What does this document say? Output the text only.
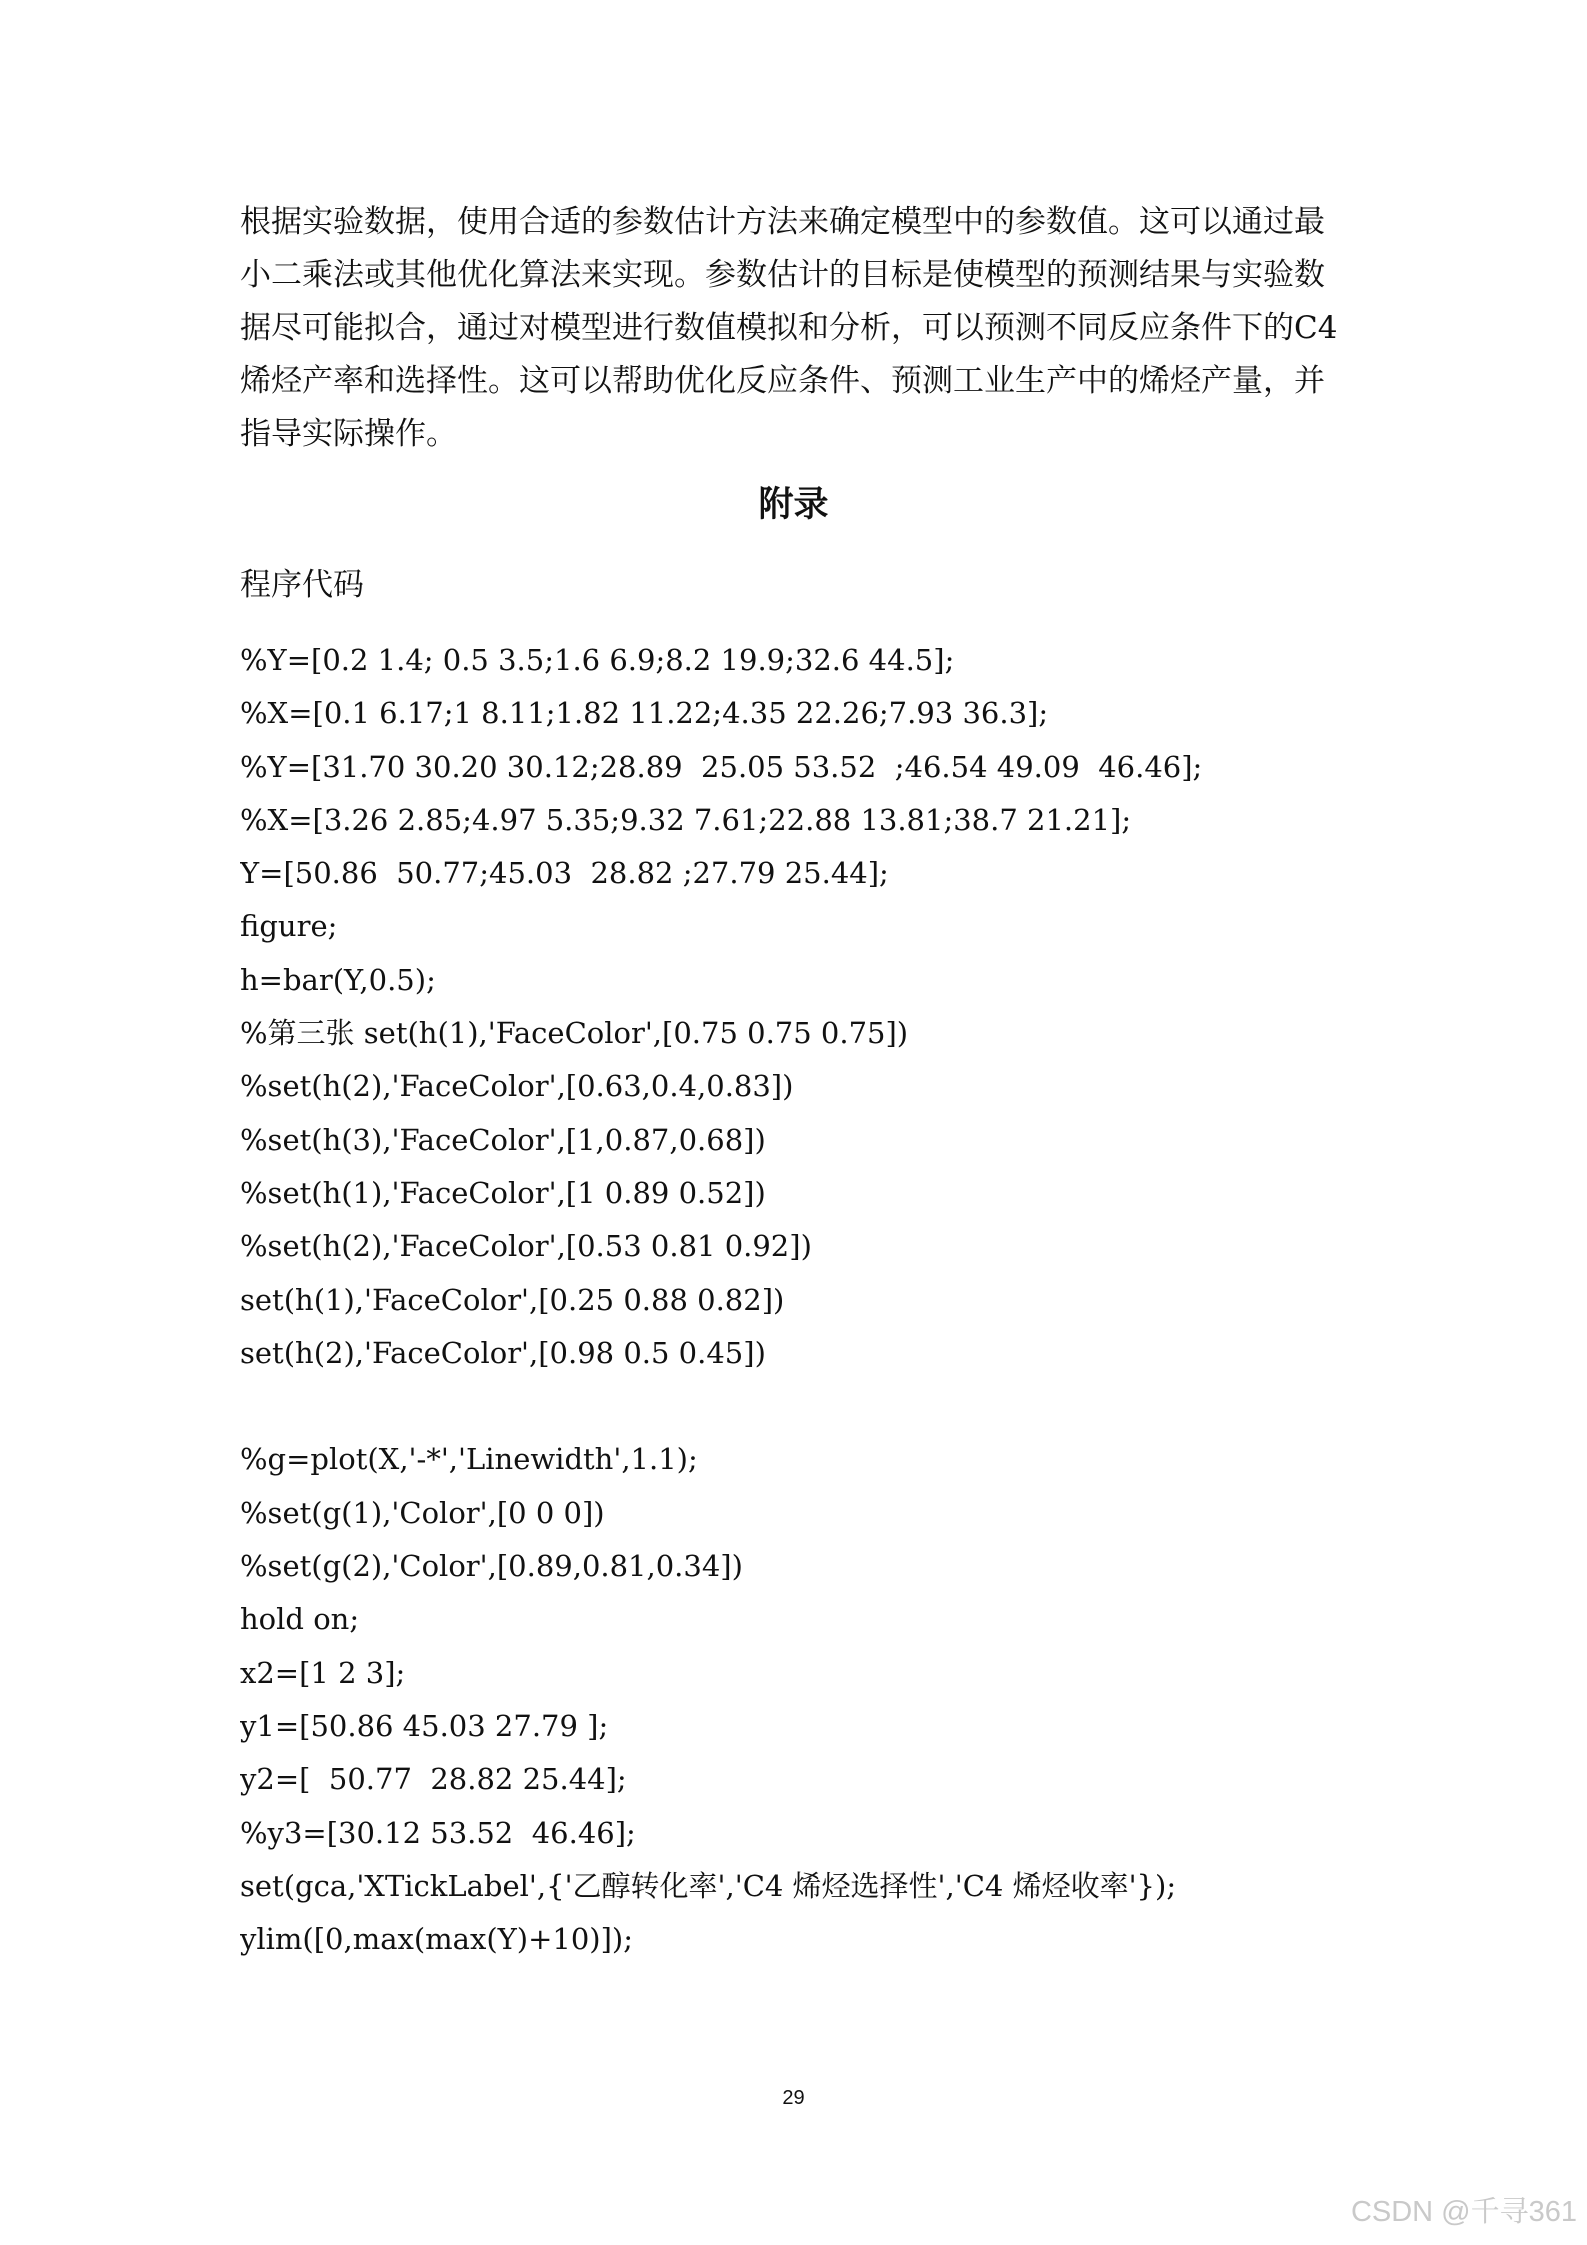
根据实验数据，使用合适的参数估计方法来确定模型中的参数值。这可以通过最
小二乘法或其他优化算法来实现。参数估计的目标是使模型的预测结果与实验数
据尽可能拟合，通过对模型进行数值模拟和分析，可以预测不同反应条件下的C4
烯烃产率和选择性。这可以帮助优化反应条件、预测工业生产中的烯烃产量，并
指导实际操作。
附录
程序代码
%Y=[0.2 1.4; 0.5 3.5;1.6 6.9;8.2 19.9;32.6 44.5];
%X=[0.1 6.17;1 8.11;1.82 11.22;4.35 22.26;7.93 36.3];
%Y=[31.70 30.20 30.12;28.89  25.05 53.52  ;46.54 49.09  46.46];
%X=[3.26 2.85;4.97 5.35;9.32 7.61;22.88 13.81;38.7 21.21];
Y=[50.86  50.77;45.03  28.82 ;27.79 25.44];
figure;
h=bar(Y,0.5);
%第三张 set(h(1),'FaceColor',[0.75 0.75 0.75])
%set(h(2),'FaceColor',[0.63,0.4,0.83])
%set(h(3),'FaceColor',[1,0.87,0.68])
%set(h(1),'FaceColor',[1 0.89 0.52])
%set(h(2),'FaceColor',[0.53 0.81 0.92])
set(h(1),'FaceColor',[0.25 0.88 0.82])
set(h(2),'FaceColor',[0.98 0.5 0.45])
%g=plot(X,'-*','Linewidth',1.1);
%set(g(1),'Color',[0 0 0])
%set(g(2),'Color',[0.89,0.81,0.34])
hold on;
x2=[1 2 3];
y1=[50.86 45.03 27.79 ];
y2=[  50.77  28.82 25.44];
%y3=[30.12 53.52  46.46];
set(gca,'XTickLabel',{'乙醇转化率','C4 烯烃选择性','C4 烯烃收率'});
ylim([0,max(max(Y)+10)]);
29
CSDN @千寻361
